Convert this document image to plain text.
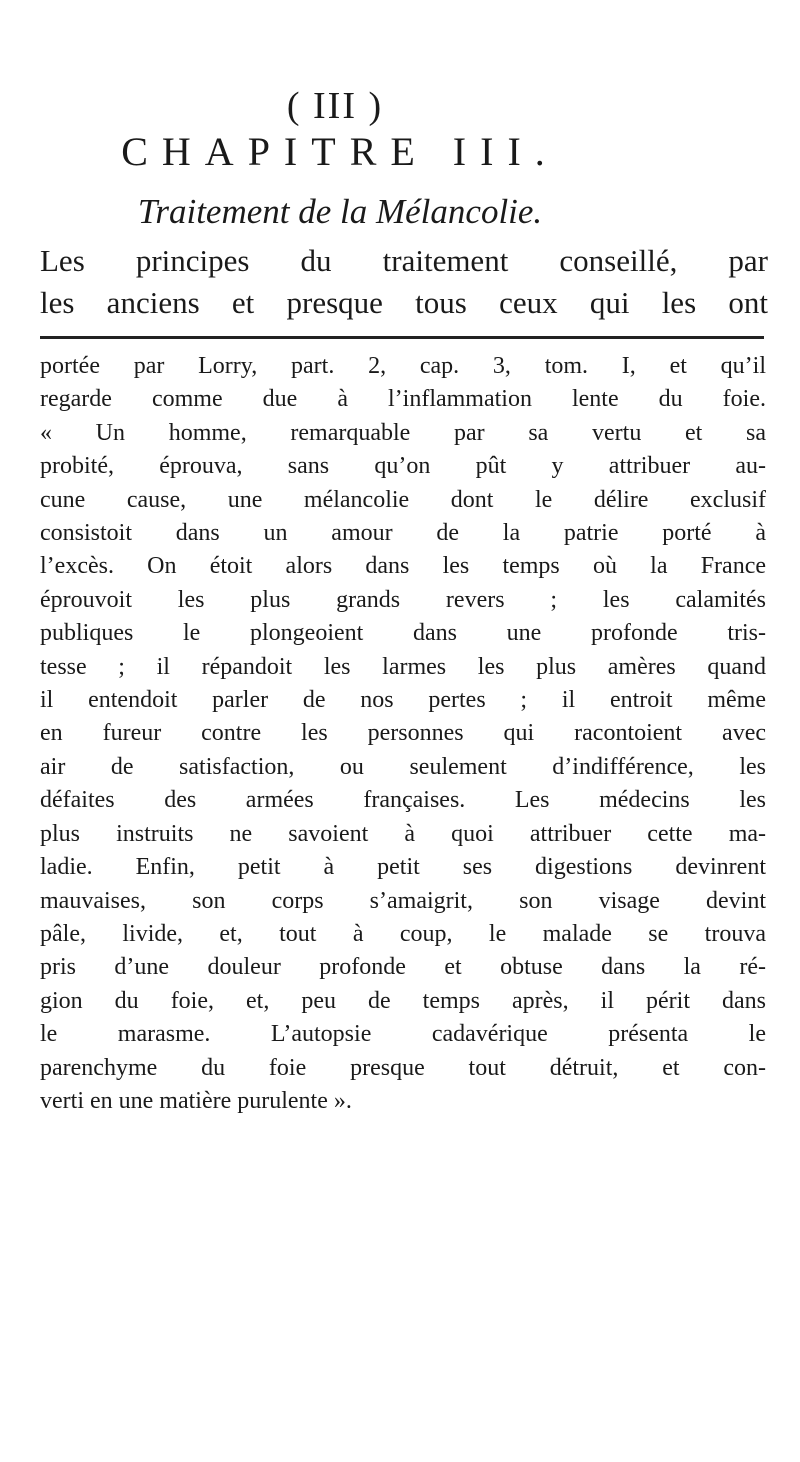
( III )
CHAPITRE III.
Traitement de la Mélancolie.
Les principes du traitement conseillé, par
les anciens et presque tous ceux qui les ont
portée par Lorry, part. 2, cap. 3, tom. I, et qu’il
regarde comme due à l’inflammation lente du foie.
« Un homme, remarquable par sa vertu et sa
probité, éprouva, sans qu’on pût y attribuer au-
cune cause, une mélancolie dont le délire exclusif
consistoit dans un amour de la patrie porté à
l’excès. On étoit alors dans les temps où la France
éprouvoit les plus grands revers ; les calamités
publiques le plongeoient dans une profonde tris-
tesse ; il répandoit les larmes les plus amères quand
il entendoit parler de nos pertes ; il entroit même
en fureur contre les personnes qui racontoient avec
air de satisfaction, ou seulement d’indifférence, les
défaites des armées françaises. Les médecins les
plus instruits ne savoient à quoi attribuer cette ma-
ladie. Enfin, petit à petit ses digestions devinrent
mauvaises, son corps s’amaigrit, son visage devint
pâle, livide, et, tout à coup, le malade se trouva
pris d’une douleur profonde et obtuse dans la ré-
gion du foie, et, peu de temps après, il périt dans
le marasme. L’autopsie cadavérique présenta le
parenchyme du foie presque tout détruit, et con-
verti en une matière purulente ».
